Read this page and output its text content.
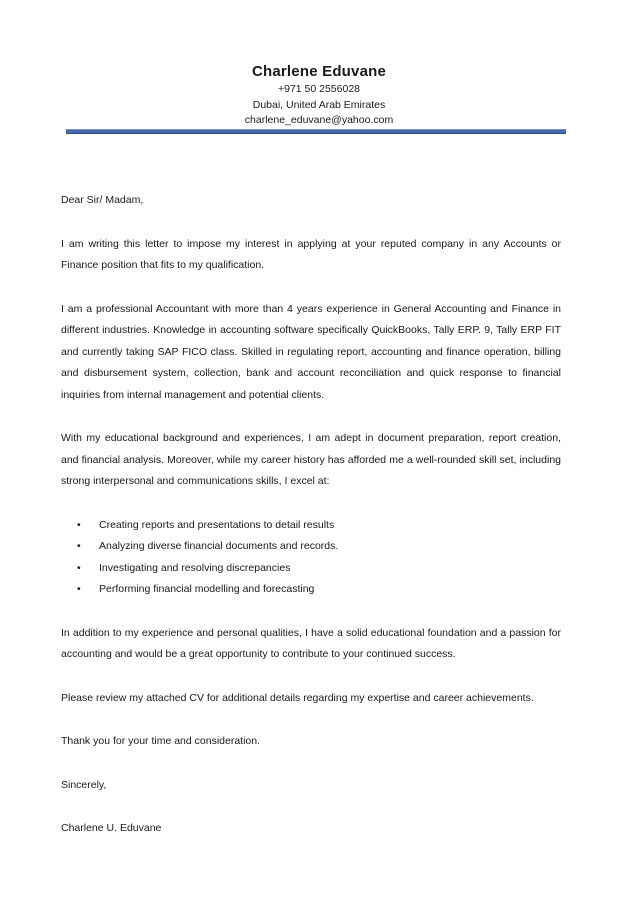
Charlene Eduvane
+971 50 2556028
Dubai, United Arab Emirates
charlene_eduvane@yahoo.com

Dear Sir/ Madam,

I am writing this letter to impose my interest in applying at your reputed company in any Accounts or Finance position that fits to my qualification.

I am a professional Accountant with more than 4 years experience in General Accounting and Finance in different industries. Knowledge in accounting software specifically QuickBooks, Tally ERP. 9, Tally ERP FIT and currently taking SAP FICO class. Skilled in regulating report, accounting and finance operation, billing and disbursement system, collection, bank and account reconciliation and quick response to financial inquiries from internal management and potential clients.

With my educational background and experiences, I am adept in document preparation, report creation, and financial analysis. Moreover, while my career history has afforded me a well-rounded skill set, including strong interpersonal and communications skills, I excel at:

• Creating reports and presentations to detail results
• Analyzing diverse financial documents and records.
• Investigating and resolving discrepancies
• Performing financial modelling and forecasting

In addition to my experience and personal qualities, I have a solid educational foundation and a passion for accounting and would be a great opportunity to contribute to your continued success.

Please review my attached CV for additional details regarding my expertise and career achievements.

Thank you for your time and consideration.

Sincerely,

Charlene U. Eduvane
